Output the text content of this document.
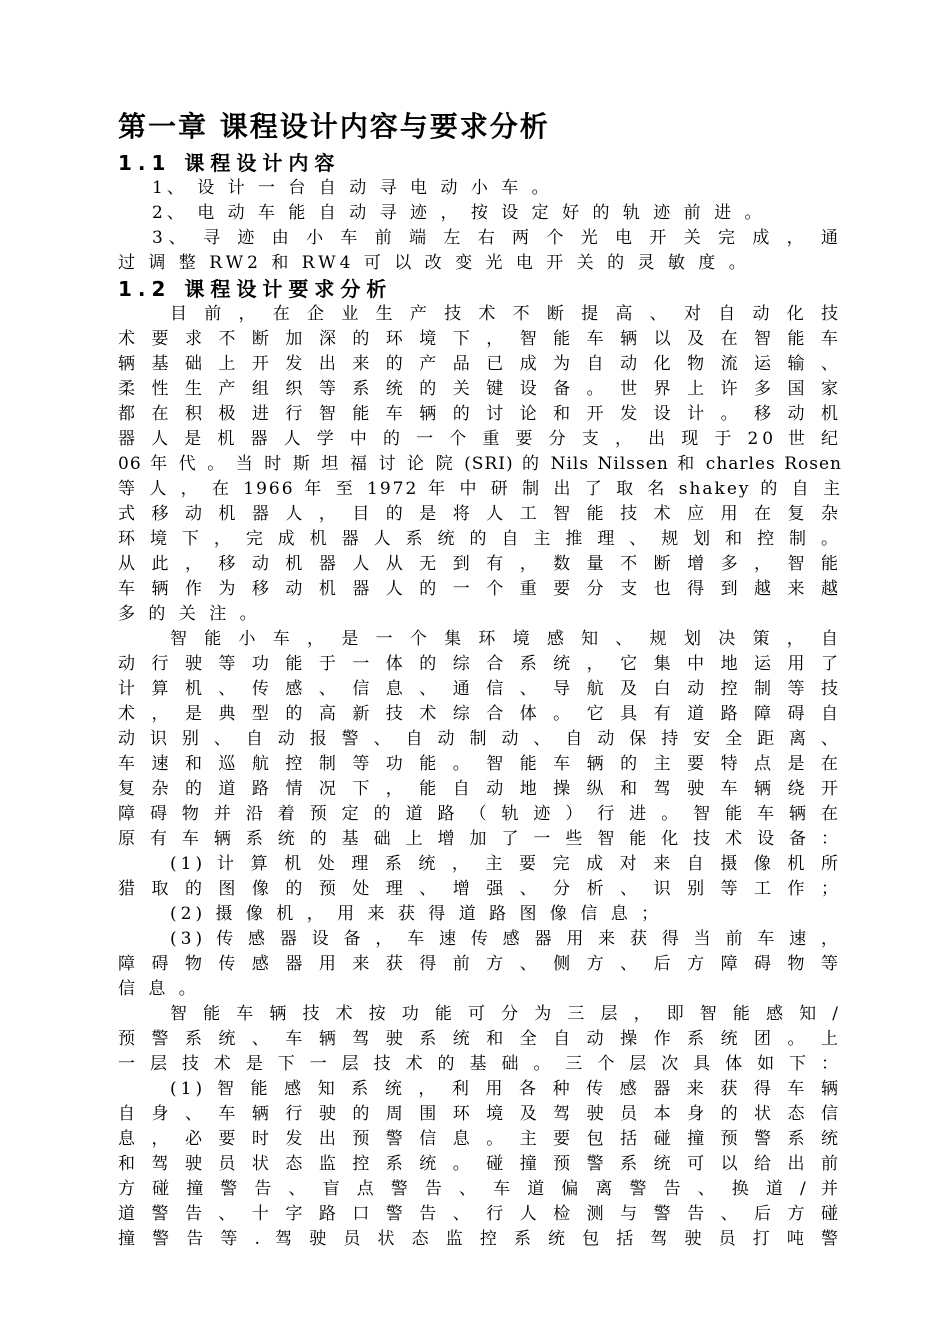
第一章 课程设计内容与要求分析
1.1 课程设计内容
1、 设 计 一 台 自 动 寻 电 动 小 车 。
2、 电 动 车 能 自 动 寻 迹 ， 按 设 定 好 的 轨 迹 前 进 。
3、 寻 迹 由 小 车 前 端 左 右 两 个 光 电 开 关 完 成 ， 通
过 调 整 RW2 和 RW4 可 以 改 变 光 电 开 关 的 灵 敏 度 。
1.2 课程设计要求分析
目 前 ， 在 企 业 生 产 技 术 不 断 提 高 、 对 自 动 化 技
术 要 求 不 断 加 深 的 环 境 下 ， 智 能 车 辆 以 及 在 智 能 车
辆 基 础 上 开 发 出 来 的 产 品 已 成 为 自 动 化 物 流 运 输 、
柔 性 生 产 组 织 等 系 统 的 关 键 设 备 。 世 界 上 许 多 国 家
都 在 积 极 进 行 智 能 车 辆 的 讨 论 和 开 发 设 计 。 移 动 机
器 人 是 机 器 人 学 中 的 一 个 重 要 分 支 ， 出 现 于 20 世 纪
06 年 代 。 当 时 斯 坦 福 讨 论 院 (SRI) 的 Nils Nilssen 和 charles Rosen
等 人 ， 在 1966 年 至 1972 年 中 研 制 出 了 取 名 shakey 的 自 主
式 移 动 机 器 人 ， 目 的 是 将 人 工 智 能 技 术 应 用 在 复 杂
环 境 下 ， 完 成 机 器 人 系 统 的 自 主 推 理 、 规 划 和 控 制 。
从 此 ， 移 动 机 器 人 从 无 到 有 ， 数 量 不 断 增 多 ， 智 能
车 辆 作 为 移 动 机 器 人 的 一 个 重 要 分 支 也 得 到 越 来 越
多 的 关 注 。
智 能 小 车 ， 是 一 个 集 环 境 感 知 、 规 划 决 策 ， 自
动 行 驶 等 功 能 于 一 体 的 综 合 系 统 ， 它 集 中 地 运 用 了
计 算 机 、 传 感 、 信 息 、 通 信 、 导 航 及 白 动 控 制 等 技
术 ， 是 典 型 的 高 新 技 术 综 合 体 。 它 具 有 道 路 障 碍 自
动 识 别 、 自 动 报 警 、 自 动 制 动 、 自 动 保 持 安 全 距 离 、
车 速 和 巡 航 控 制 等 功 能 。 智 能 车 辆 的 主 要 特 点 是 在
复 杂 的 道 路 情 况 下 ， 能 自 动 地 操 纵 和 驾 驶 车 辆 绕 开
障 碍 物 并 沿 着 预 定 的 道 路 （ 轨 迹 ） 行 进 。 智 能 车 辆 在
原 有 车 辆 系 统 的 基 础 上 增 加 了 一 些 智 能 化 技 术 设 备 ：
(1) 计 算 机 处 理 系 统 ， 主 要 完 成 对 来 自 摄 像 机 所
猎 取 的 图 像 的 预 处 理 、 增 强 、 分 析 、 识 别 等 工 作 ；
(2) 摄 像 机 ， 用 来 获 得 道 路 图 像 信 息 ；
(3) 传 感 器 设 备 ， 车 速 传 感 器 用 来 获 得 当 前 车 速 ，
障 碍 物 传 感 器 用 来 获 得 前 方 、 侧 方 、 后 方 障 碍 物 等
信 息 。
智 能 车 辆 技 术 按 功 能 可 分 为 三 层 ， 即 智 能 感 知 /
预 警 系 统 、 车 辆 驾 驶 系 统 和 全 自 动 操 作 系 统 团 。 上
一 层 技 术 是 下 一 层 技 术 的 基 础 。 三 个 层 次 具 体 如 下 ：
(1) 智 能 感 知 系 统 ， 利 用 各 种 传 感 器 来 获 得 车 辆
自 身 、 车 辆 行 驶 的 周 围 环 境 及 驾 驶 员 本 身 的 状 态 信
息 ， 必 要 时 发 出 预 警 信 息 。 主 要 包 括 碰 撞 预 警 系 统
和 驾 驶 员 状 态 监 控 系 统 。 碰 撞 预 警 系 统 可 以 给 出 前
方 碰 撞 警 告 、 盲 点 警 告 、 车 道 偏 离 警 告 、 换 道 / 并
道 警 告 、 十 字 路 口 警 告 、 行 人 检 测 与 警 告 、 后 方 碰
撞 警 告 等 . 驾 驶 员 状 态 监 控 系 统 包 括 驾 驶 员 打 吨 警
